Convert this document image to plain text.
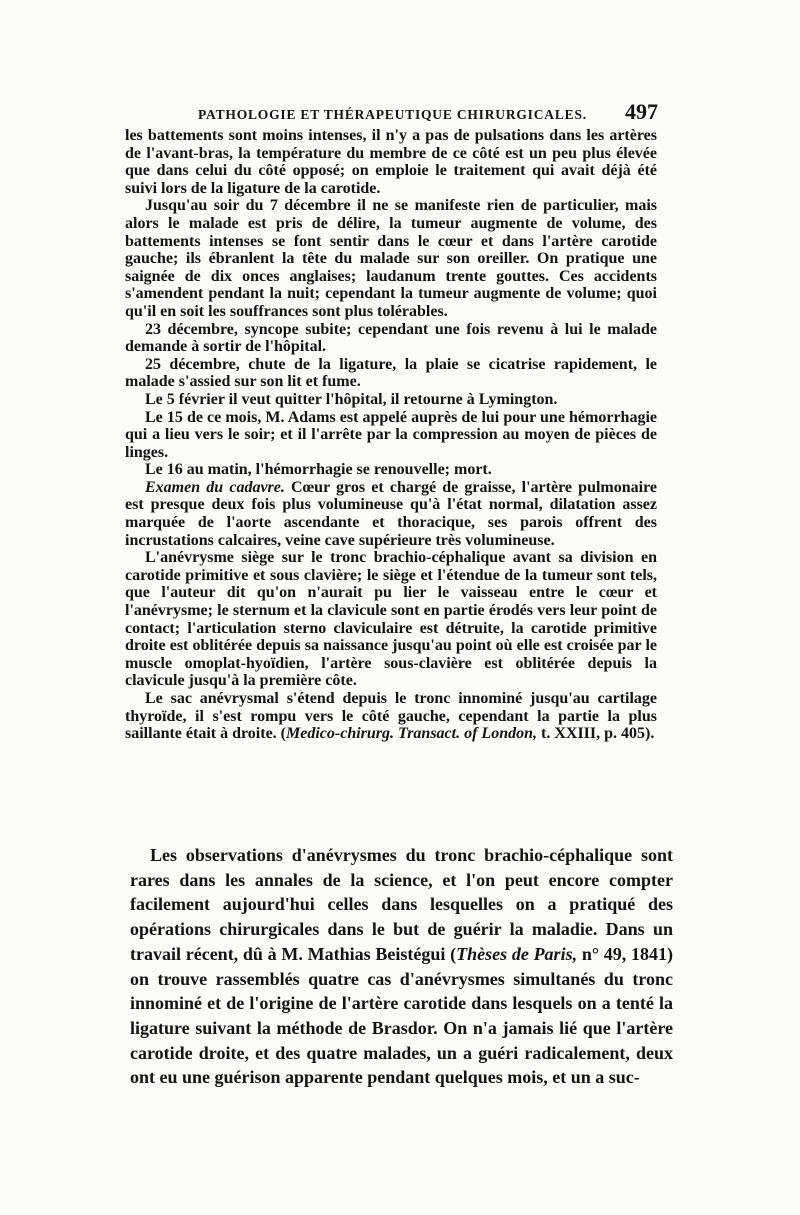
PATHOLOGIE ET THÉRAPEUTIQUE CHIRURGICALES. 497

les battements sont moins intenses, il n'y a pas de pulsations dans les artères de l'avant-bras, la température du membre de ce côté est un peu plus élevée que dans celui du côté opposé; on emploie le traitement qui avait déjà été suivi lors de la ligature de la carotide.

Jusqu'au soir du 7 décembre il ne se manifeste rien de particulier, mais alors le malade est pris de délire, la tumeur augmente de volume, des battements intenses se font sentir dans le cœur et dans l'artère carotide gauche; ils ébranlent la tête du malade sur son oreiller. On pratique une saignée de dix onces anglaises; laudanum trente gouttes. Ces accidents s'amendent pendant la nuit; cependant la tumeur augmente de volume; quoi qu'il en soit les souffrances sont plus tolérables.

23 décembre, syncope subite; cependant une fois revenu à lui le malade demande à sortir de l'hôpital.

25 décembre, chute de la ligature, la plaie se cicatrise rapidement, le malade s'assied sur son lit et fume.

Le 5 février il veut quitter l'hôpital, il retourne à Lymington.

Le 15 de ce mois, M. Adams est appelé auprès de lui pour une hémorrhagie qui a lieu vers le soir; et il l'arrête par la compression au moyen de pièces de linges.

Le 16 au matin, l'hémorrhagie se renouvelle; mort.

Examen du cadavre. Cœur gros et chargé de graisse, l'artère pulmonaire est presque deux fois plus volumineuse qu'à l'état normal, dilatation assez marquée de l'aorte ascendante et thoracique, ses parois offrent des incrustations calcaires, veine cave supérieure très volumineuse.

L'anévrysme siège sur le tronc brachio-céphalique avant sa division en carotide primitive et sous clavière; le siège et l'étendue de la tumeur sont tels, que l'auteur dit qu'on n'aurait pu lier le vaisseau entre le cœur et l'anévrysme; le sternum et la clavicule sont en partie érodés vers leur point de contact; l'articulation sterno claviculaire est détruite, la carotide primitive droite est oblitérée depuis sa naissance jusqu'au point où elle est croisée par le muscle omoplat-hyoïdien, l'artère sous-clavière est oblitérée depuis la clavicule jusqu'à la première côte.

Le sac anévrysmal s'étend depuis le tronc innominé jusqu'au cartilage thyroïde, il s'est rompu vers le côté gauche, cependant la partie la plus saillante était à droite. (Medico-chirurg. Transact. of London, t. XXIII, p. 405).

Les observations d'anévrysmes du tronc brachio-céphalique sont rares dans les annales de la science, et l'on peut encore compter facilement aujourd'hui celles dans lesquelles on a pratiqué des opérations chirurgicales dans le but de guérir la maladie. Dans un travail récent, dû à M. Mathias Beistégui (Thèses de Paris, n° 49, 1841) on trouve rassemblés quatre cas d'anévrysmes simultanés du tronc innominé et de l'origine de l'artère carotide dans lesquels on a tenté la ligature suivant la méthode de Brasdor. On n'a jamais lié que l'artère carotide droite, et des quatre malades, un a guéri radicalement, deux ont eu une guérison apparente pendant quelques mois, et un a suc-
